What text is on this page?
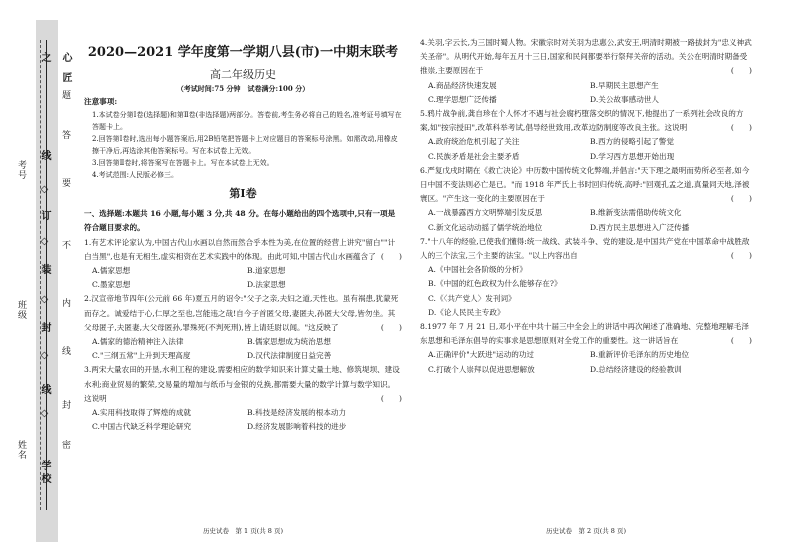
之 心
匠
题
答
要
不
内
线
封
密
线
◇
订
◇
装
◇
封
◇
线
◇
考号
班级
姓名
学校
2020—2021 学年度第一学期八县(市)一中期末联考
高二年级历史
（考试时间:75 分钟　试卷满分:100 分）
注意事项:
1.本试卷分第Ⅰ卷(选择题)和第Ⅱ卷(非选择题)两部分。答卷前,考生务必将自己的姓名,准考证号填写在答题卡上。
2.回答第Ⅰ卷时,选出每小题答案后,用2B铅笔把答题卡上对应题目的答案标号涂黑。如需改动,用橡皮擦干净后,再选涂其他答案标号。写在本试卷上无效。
3.回答第Ⅱ卷时,将答案写在答题卡上。写在本试卷上无效。
4.考试范围:人民版必修三。
第Ⅰ卷
一、选择题:本题共 16 小题,每小题 3 分,共 48 分。在每小题给出的四个选项中,只有一项是符合题目要求的。
1.有艺术评论家认为,中国古代山水画以自然而然合乎本性为美,在位置的经营上讲究"留白""计白当黑",也是有无相生,虚实相资在艺术实践中的体现。由此可知,中国古代山水画蕴含了 (　　)
A.儒家思想	B.道家思想
C.墨家思想	D.法家思想
2.汉宣帝地节四年(公元前 66 年)夏五月的诏令:"父子之亲,夫妇之道,天性也。虽有祸患,犹蒙死而存之。诚爱结于心,仁厚之至也,岂能违之哉!自今子首匿父母,妻匿夫,孙匿大父母,皆勿坐。其父母匿子,夫匿妻,大父母匿孙,罪殊死(不判死刑),皆上请廷尉以闻。"这反映了	(　　)
A.儒家的德治精神注入法律	B.儒家思想成为统治思想
C."三纲五常"上升到天理高度	D.汉代法律制度日益完善
3.两宋大量农田的开垦,水利工程的建设,需要相应的数学知识来计算丈量土地、修筑堤坝、建设水利;商业贸易的繁荣,交易量的增加与纸币与金银的兑换,都需要大量的数学计算与数学知识。这说明	(　　)
A.实用科技取得了辉煌的成就	B.科技是经济发展的根本动力
C.中国古代缺乏科学理论研究	D.经济发展影响着科技的进步
历史试卷　第 1 页(共 8 页)
4.关羽,字云长,为三国时蜀人物。宋徽宗时对关羽为忠惠公,武安王,明清时期被一路拔封为"忠义神武关圣帝"。从明代开始,每年五月十三日,国家和民间都要举行祭拜关帝的活动。关公在明清时期备受推崇,主要原因在于	(　　)
A.商品经济快速发展	B.早期民主思想产生
C.理学思想广泛传播	D.关公故事感动世人
5.鸦片战争前,龚自珍在个人怀才不遇与社会腐朽堕落交织的情况下,他提出了一系列社会改良的方案,如"按宗授田",改革科举考试,倡导经世致用,改革边防制度等改良主张。这说明	(　　)
A.政府统治危机引起了关注	B.西方的侵略引起了警觉
C.民族矛盾是社会主要矛盾	D.学习西方思想开始出现
6.严复戊戌时期在《救亡决论》中历数中国传统文化弊端,并倡言:"天下理之最明而势所必至者,如今日中国不变法则必亡是已。"而 1918 年严氏上书时回归传统,高呼:"回观孔孟之道,真量同天地,泽被寰区。"产生这一变化的主要原因在于	(　　)
A.一战暴露西方文明弊端引发反思	B.维新变法需借助传统文化
C.新文化运动动摇了儒学统治地位	D.西方民主思想进入广泛传播
7."十八年的经验,已使我们懂得:统一战线、武装斗争、党的建设,是中国共产党在中国革命中战胜敌人的三个法宝,三个主要的法宝。"以上内容出自	(　　)
A.《中国社会各阶级的分析》
B.《中国的红色政权为什么能够存在?》
C.《〈共产党人〉发刊词》
D.《论人民民主专政》
8.1977 年 7 月 21 日,邓小平在中共十届三中全会上的讲话中再次阐述了准确地、完整地理解毛泽东思想和毛泽东倡导的实事求是思想原则对全党工作的重要性。这一讲话旨在	(　　)
A.正确评价"大跃进"运动的功过	B.重新评价毛泽东的历史地位
C.打破个人崇拜以促进思想解放	D.总结经济建设的经验教训
历史试卷　第 2 页(共 8 页)
